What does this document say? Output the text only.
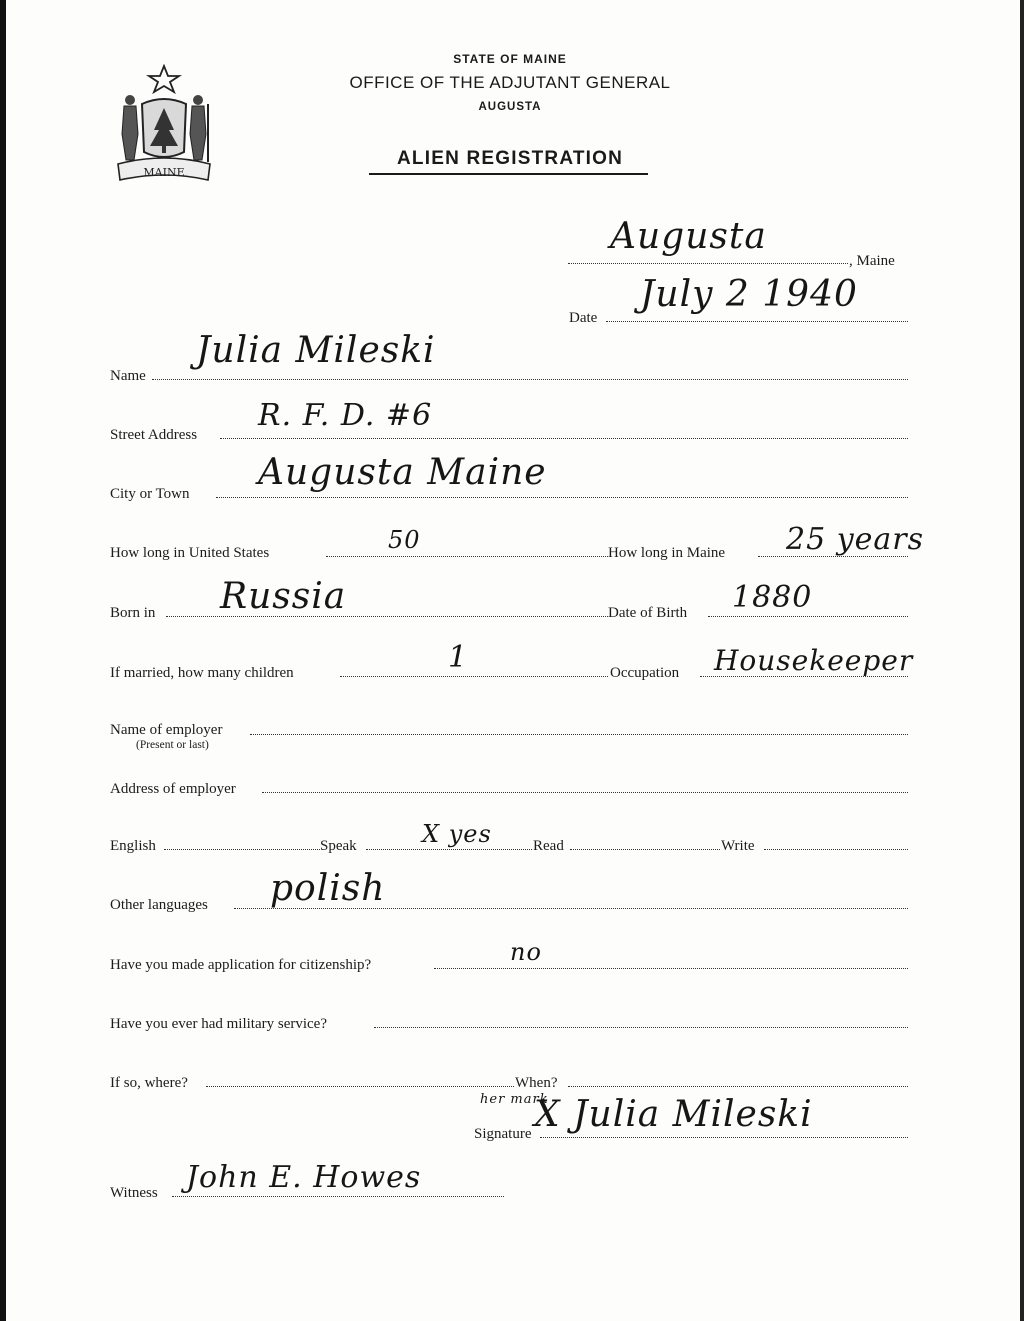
MAINE
STATE OF MAINE
OFFICE OF THE ADJUTANT GENERAL
AUGUSTA
ALIEN REGISTRATION
, Maine
Augusta
Date
July 2 1940
Name
Julia Mileski
Street Address
R. F. D. #6
City or Town
Augusta Maine
How long in United States	50	How long in Maine 25 years
Born in Russia	Date of Birth 1880
If married, how many children	1	Occupation Housekeeper
Name of employer
(Present or last)
Address of employer
English	Speak	X yes	Read	Write
Other languages polish
Have you made application for citizenship?	no
Have you ever had military service?
If so, where?	When?
her mark
Signature X Julia Mileski
Witness John E. Howes
